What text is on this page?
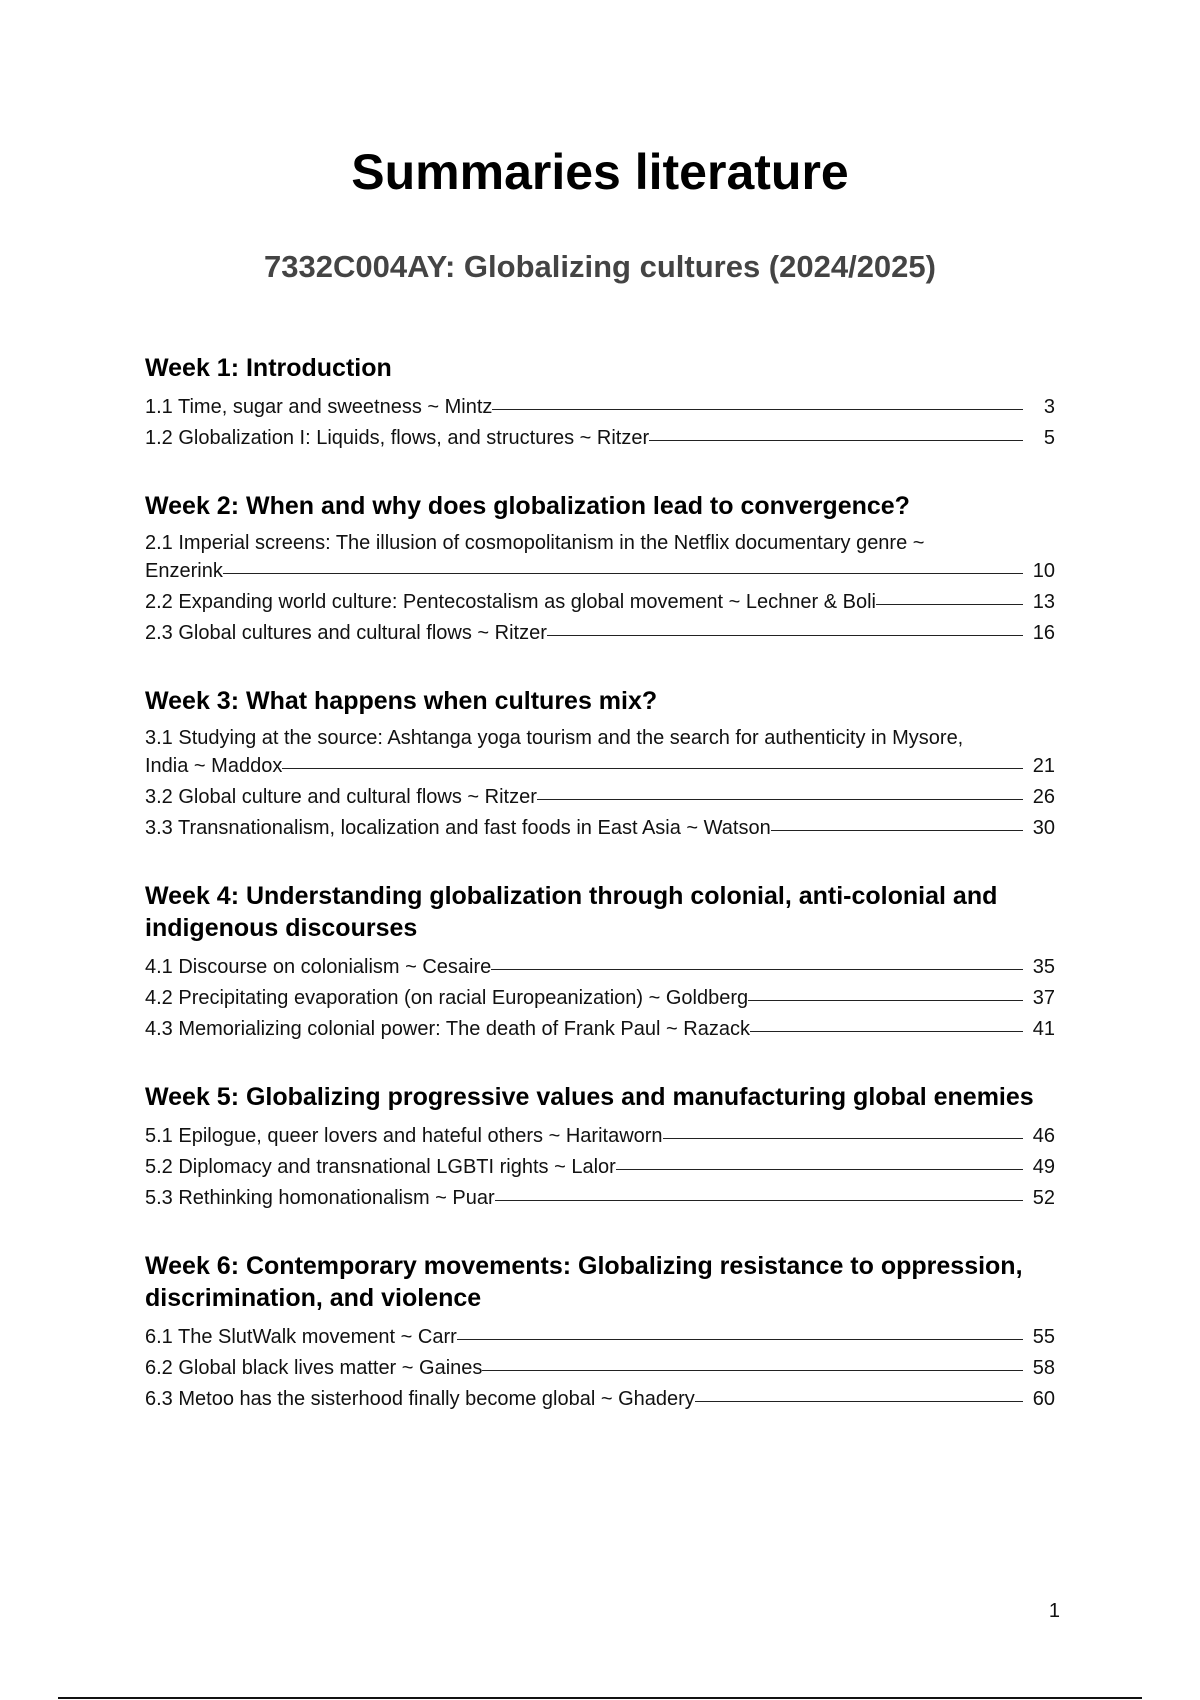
Summaries literature
7332C004AY: Globalizing cultures (2024/2025)
Week 1: Introduction
1.1 Time, sugar and sweetness ~ Mintz	3
1.2 Globalization I: Liquids, flows, and structures ~ Ritzer	5
Week 2: When and why does globalization lead to convergence?
2.1 Imperial screens: The illusion of cosmopolitanism in the Netflix documentary genre ~
Enzerink	10
2.2 Expanding world culture: Pentecostalism as global movement ~ Lechner & Boli	13
2.3 Global cultures and cultural flows ~ Ritzer	16
Week 3: What happens when cultures mix?
3.1 Studying at the source: Ashtanga yoga tourism and the search for authenticity in Mysore,
India ~ Maddox	21
3.2 Global culture and cultural flows ~ Ritzer	26
3.3 Transnationalism, localization and fast foods in East Asia ~ Watson	30
Week 4: Understanding globalization through colonial, anti-colonial and indigenous discourses
4.1 Discourse on colonialism ~ Cesaire	35
4.2 Precipitating evaporation (on racial Europeanization) ~ Goldberg	37
4.3 Memorializing colonial power: The death of Frank Paul ~ Razack	41
Week 5: Globalizing progressive values and manufacturing global enemies
5.1 Epilogue, queer lovers and hateful others ~ Haritaworn	46
5.2 Diplomacy and transnational LGBTI rights ~ Lalor	49
5.3 Rethinking homonationalism ~ Puar	52
Week 6: Contemporary movements: Globalizing resistance to oppression, discrimination, and violence
6.1 The SlutWalk movement ~ Carr	55
6.2 Global black lives matter ~ Gaines	58
6.3 Metoo has the sisterhood finally become global ~ Ghadery	60
1
